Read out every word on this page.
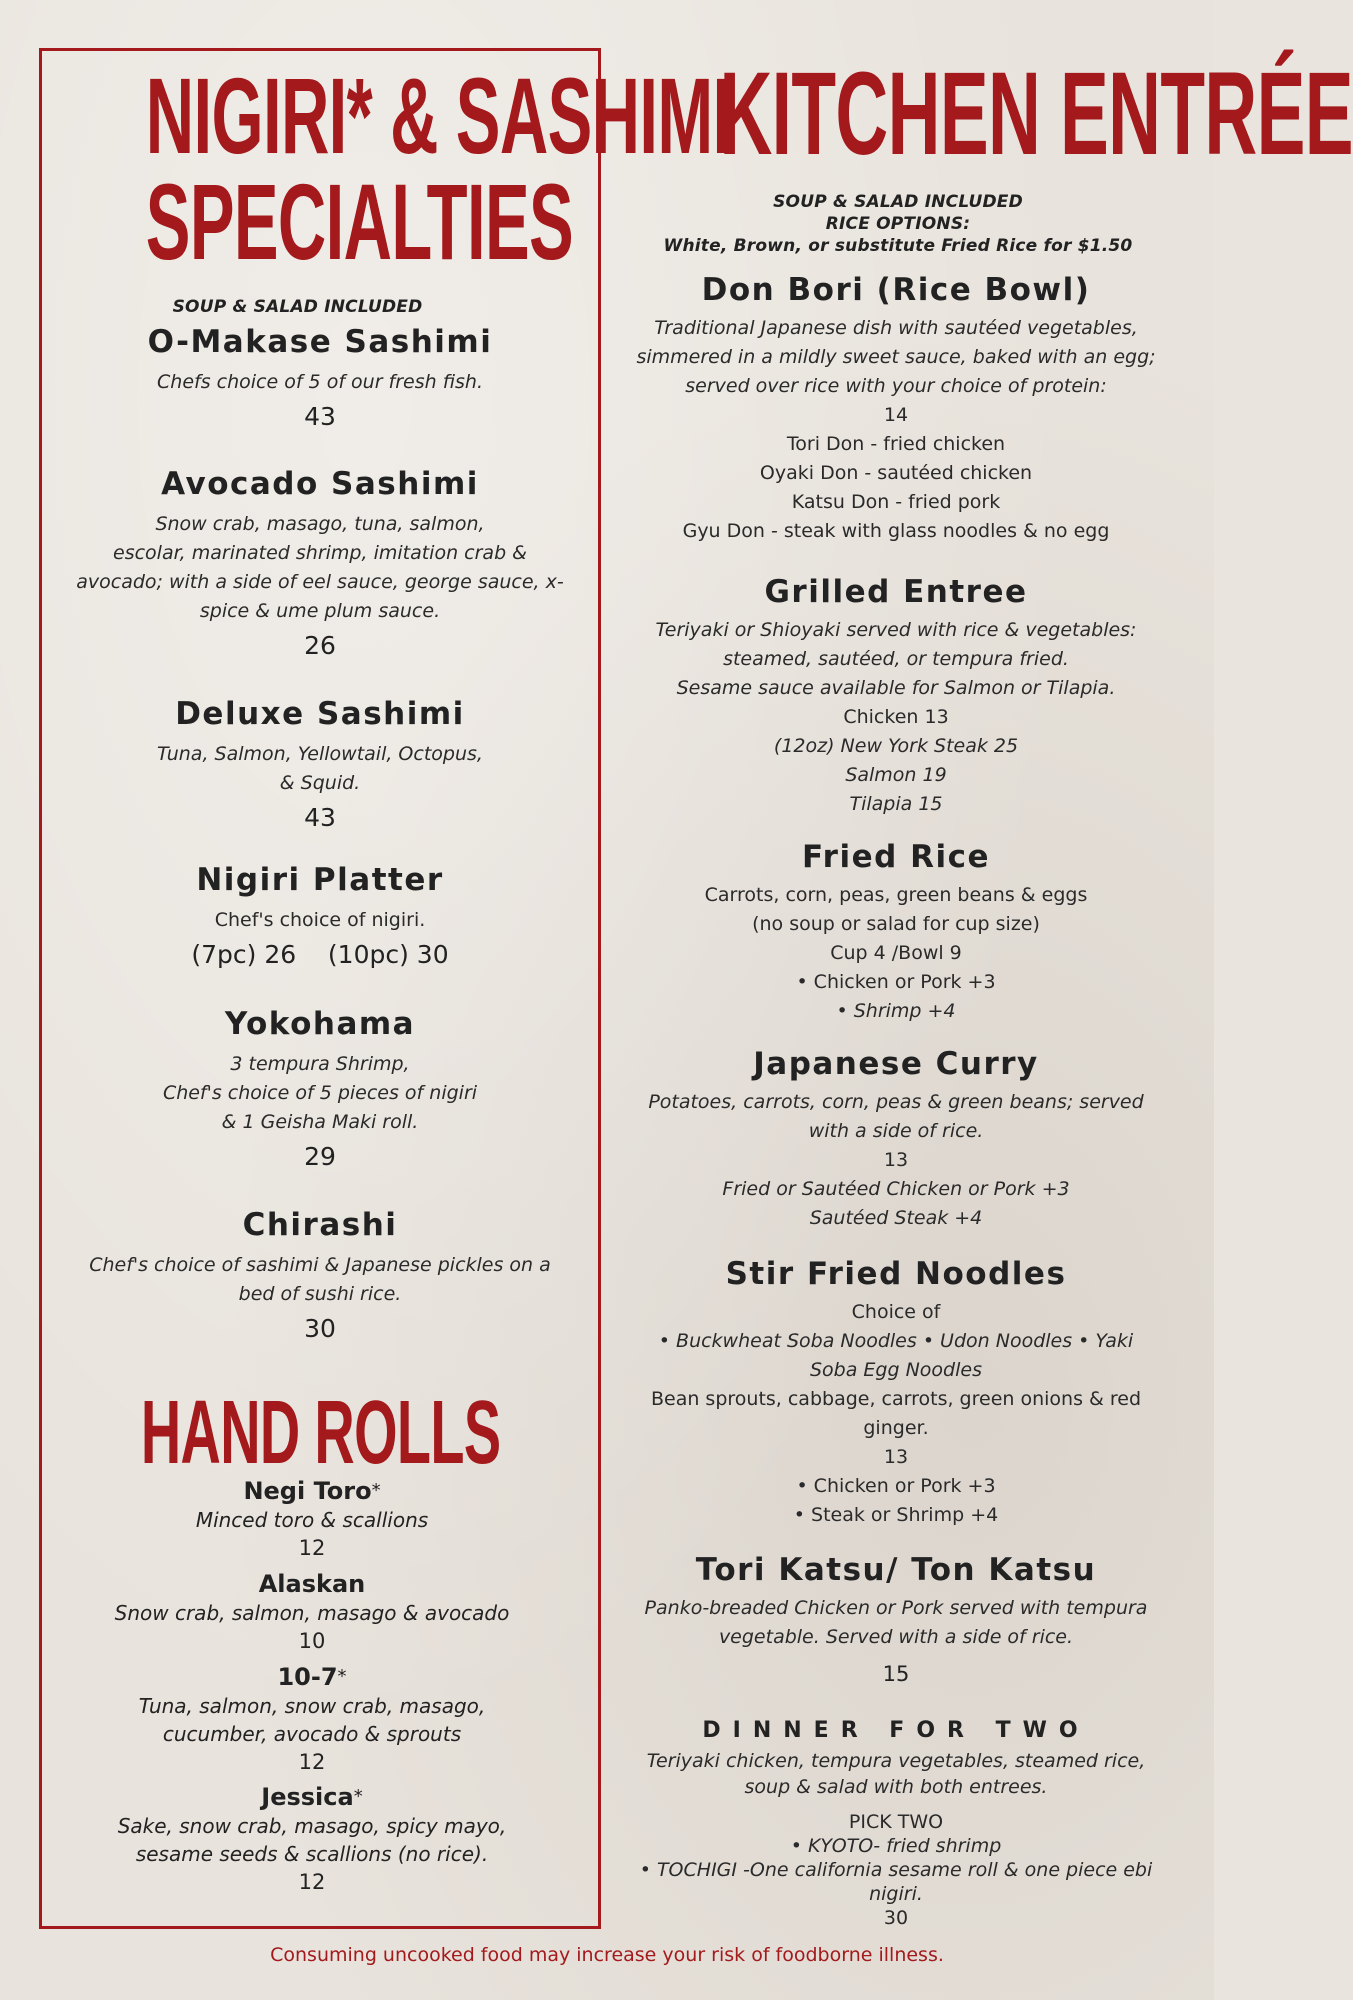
NIGIRI* & SASHIMI
SPECIALTIES
SOUP & SALAD INCLUDED
O-Makase Sashimi
Chefs choice of 5 of our fresh fish.
43
Avocado Sashimi
Snow crab, masago, tuna, salmon,
escolar, marinated shrimp, imitation crab &
avocado; with a side of eel sauce, george sauce, x-
spice & ume plum sauce.
26
Deluxe Sashimi
Tuna, Salmon, Yellowtail, Octopus,
& Squid.
43
Nigiri Platter
Chef's choice of nigiri.
(7pc) 26    (10pc) 30
Yokohama
3 tempura Shrimp,
Chef's choice of 5 pieces of nigiri
& 1 Geisha Maki roll.
29
Chirashi
Chef's choice of sashimi & Japanese pickles on a
bed of sushi rice.
30
HAND ROLLS
Negi Toro*
Minced toro & scallions
12
Alaskan
Snow crab, salmon, masago & avocado
10
10-7*
Tuna, salmon, snow crab, masago,
cucumber, avocado & sprouts
12
Jessica*
Sake, snow crab, masago, spicy mayo,
sesame seeds & scallions (no rice).
12
KITCHEN ENTRÉE
SOUP & SALAD INCLUDED
RICE OPTIONS:
White, Brown, or substitute Fried Rice for $1.50
Don Bori (Rice Bowl)
Traditional Japanese dish with sautéed vegetables,
simmered in a mildly sweet sauce, baked with an egg;
served over rice with your choice of protein:
14
Tori Don - fried chicken
Oyaki Don - sautéed chicken
Katsu Don - fried pork
Gyu Don - steak with glass noodles & no egg
Grilled Entree
Teriyaki or Shioyaki served with rice & vegetables:
steamed, sautéed, or tempura fried.
Sesame sauce available for Salmon or Tilapia.
Chicken 13
(12oz) New York Steak 25
Salmon 19
Tilapia 15
Fried Rice
Carrots, corn, peas, green beans & eggs
(no soup or salad for cup size)
Cup 4 /Bowl 9
• Chicken or Pork +3
• Shrimp +4
Japanese Curry
Potatoes, carrots, corn, peas & green beans; served
with a side of rice.
13
Fried or Sautéed Chicken or Pork +3
Sautéed Steak +4
Stir Fried Noodles
Choice of
• Buckwheat Soba Noodles • Udon Noodles • Yaki
Soba Egg Noodles
Bean sprouts, cabbage, carrots, green onions & red
ginger.
13
• Chicken or Pork +3
• Steak or Shrimp +4
Tori Katsu/ Ton Katsu
Panko-breaded Chicken or Pork served with tempura
vegetable. Served with a side of rice.
15
DINNER FOR TWO
Teriyaki chicken, tempura vegetables, steamed rice,
soup & salad with both entrees.
PICK TWO
• KYOTO- fried shrimp
• TOCHIGI -One california sesame roll & one piece ebi
nigiri.
30
Consuming uncooked food may increase your risk of foodborne illness.
